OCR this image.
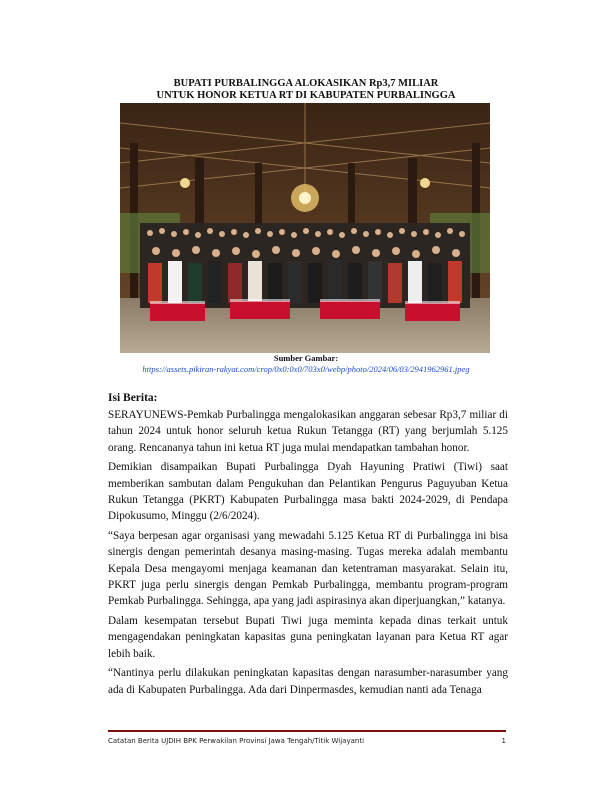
BUPATI PURBALINGGA ALOKASIKAN Rp3,7 MILIAR
UNTUK HONOR KETUA RT DI KABUPATEN PURBALINGGA
Sumber Gambar:
https://assets.pikiran-rakyat.com/crop/0x0:0x0/703x0/webp/photo/2024/06/03/2941962961.jpeg
Isi Berita:

SERAYUNEWS-Pemkab Purbalingga mengalokasikan anggaran sebesar Rp3,7 miliar di tahun 2024 untuk honor seluruh ketua Rukun Tetangga (RT) yang berjumlah 5.125 orang. Rencananya tahun ini ketua RT juga mulai mendapatkan tambahan honor.

Demikian disampaikan Bupati Purbalingga Dyah Hayuning Pratiwi (Tiwi) saat memberikan sambutan dalam Pengukuhan dan Pelantikan Pengurus Paguyuban Ketua Rukun Tetangga (PKRT) Kabupaten Purbalingga masa bakti 2024-2029, di Pendapa Dipokusumo, Minggu (2/6/2024).

“Saya berpesan agar organisasi yang mewadahi 5.125 Ketua RT di Purbalingga ini bisa sinergis dengan pemerintah desanya masing-masing. Tugas mereka adalah membantu Kepala Desa mengayomi menjaga keamanan dan ketentraman masyarakat. Selain itu, PKRT juga perlu sinergis dengan Pemkab Purbalingga, membantu program-program Pemkab Purbalingga. Sehingga, apa yang jadi aspirasinya akan diperjuangkan,” katanya.

Dalam kesempatan tersebut Bupati Tiwi juga meminta kepada dinas terkait untuk mengagendakan peningkatan kapasitas guna peningkatan layanan para Ketua RT agar lebih baik.

“Nantinya perlu dilakukan peningkatan kapasitas dengan narasumber-narasumber yang ada di Kabupaten Purbalingga. Ada dari Dinpermasdes, kemudian nanti ada Tenaga

Catatan Berita UJDIH BPK Perwakilan Provinsi Jawa Tengah/Titik Wijayanti	1
